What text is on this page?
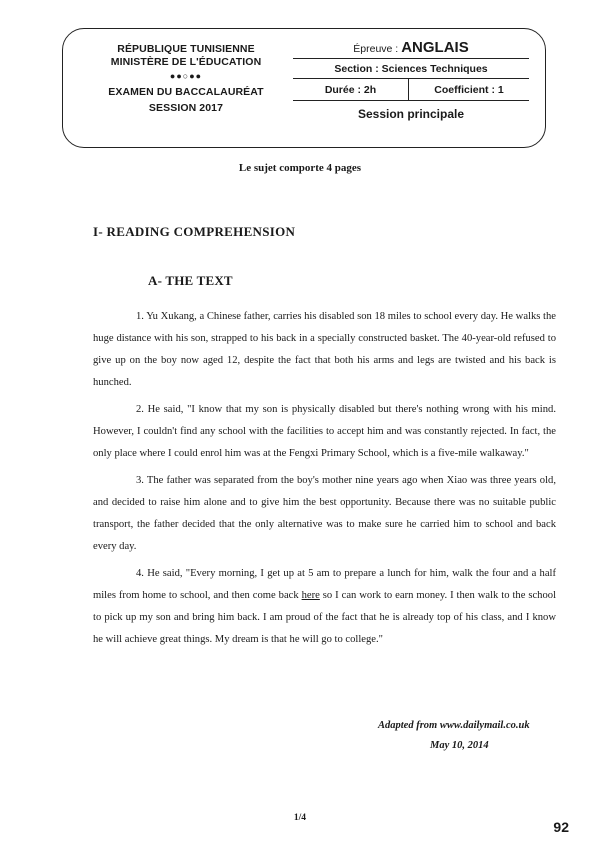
RÉPUBLIQUE TUNISIENNE
MINISTÈRE DE L'ÉDUCATION
●●○●●
EXAMEN DU BACCALAURÉAT
SESSION 2017
Épreuve : ANGLAIS
Section : Sciences Techniques
Durée : 2h	Coefficient : 1
Session principale
Le sujet comporte 4 pages
I- READING COMPREHENSION
A- THE TEXT

1. Yu Xukang, a Chinese father, carries his disabled son 18 miles to school every day. He walks the huge distance with his son, strapped to his back in a specially constructed basket. The 40-year-old refused to give up on the boy now aged 12, despite the fact that both his arms and legs are twisted and his back is hunched.

2. He said, "I know that my son is physically disabled but there's nothing wrong with his mind. However, I couldn't find any school with the facilities to accept him and was constantly rejected. In fact, the only place where I could enrol him was at the Fengxi Primary School, which is a five-mile walkaway."

3. The father was separated from the boy's mother nine years ago when Xiao was three years old, and decided to raise him alone and to give him the best opportunity. Because there was no suitable public transport, the father decided that the only alternative was to make sure he carried him to school and back every day.

4. He said, "Every morning, I get up at 5 am to prepare a lunch for him, walk the four and a half miles from home to school, and then come back here so I can work to earn money. I then walk to the school to pick up my son and bring him back. I am proud of the fact that he is already top of his class, and I know he will achieve great things. My dream is that he will go to college."

Adapted from www.dailymail.co.uk
May 10, 2014
1/4
92
